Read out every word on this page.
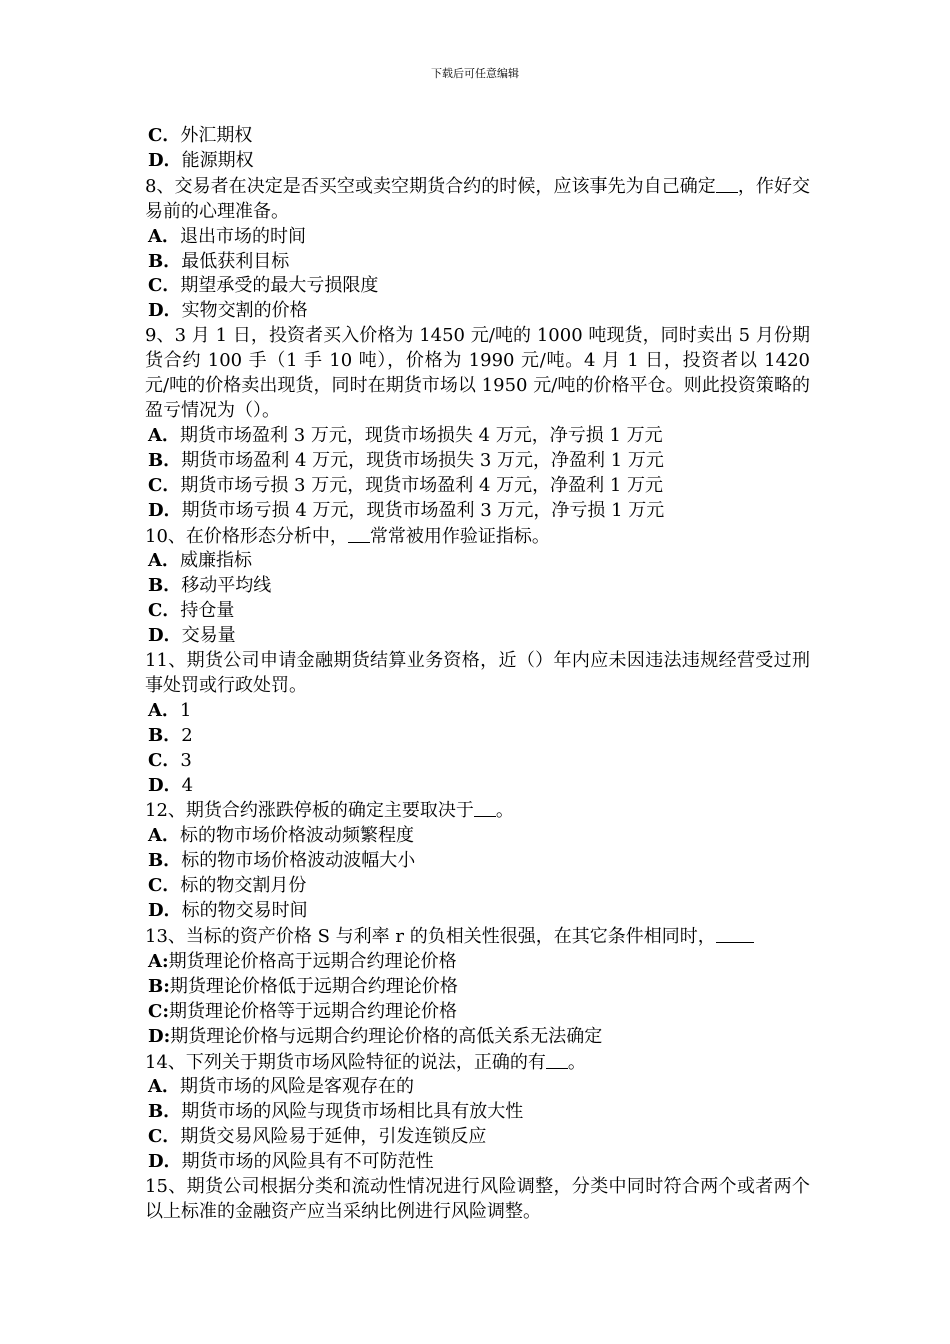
下载后可任意编辑
C．外汇期权
D．能源期权
8、交易者在决定是否买空或卖空期货合约的时候，应该事先为自己确定 ，作好交易前的心理准备。
A．退出市场的时间
B．最低获利目标
C．期望承受的最大亏损限度
D．实物交割的价格
9、3 月 1 日，投资者买入价格为 1450 元/吨的 1000 吨现货，同时卖出 5 月份期货合约 100 手（1 手 10 吨），价格为 1990 元/吨。4 月 1 日，投资者以 1420 元/吨的价格卖出现货，同时在期货市场以 1950 元/吨的价格平仓。则此投资策略的盈亏情况为（）。
A．期货市场盈利 3 万元，现货市场损失 4 万元，净亏损 1 万元
B．期货市场盈利 4 万元，现货市场损失 3 万元，净盈利 1 万元
C．期货市场亏损 3 万元，现货市场盈利 4 万元，净盈利 1 万元
D．期货市场亏损 4 万元，现货市场盈利 3 万元，净亏损 1 万元
10、在价格形态分析中， 常常被用作验证指标。
A．威廉指标
B．移动平均线
C．持仓量
D．交易量
11、期货公司申请金融期货结算业务资格，近（）年内应未因违法违规经营受过刑事处罚或行政处罚。
A．1
B．2
C．3
D．4
12、期货合约涨跌停板的确定主要取决于 。
A．标的物市场价格波动频繁程度
B．标的物市场价格波动波幅大小
C．标的物交割月份
D．标的物交易时间
13、当标的资产价格 S 与利率 r 的负相关性很强，在其它条件相同时，
A:期货理论价格高于远期合约理论价格
B:期货理论价格低于远期合约理论价格
C:期货理论价格等于远期合约理论价格
D:期货理论价格与远期合约理论价格的高低关系无法确定
14、下列关于期货市场风险特征的说法，正确的有 。
A．期货市场的风险是客观存在的
B．期货市场的风险与现货市场相比具有放大性
C．期货交易风险易于延伸，引发连锁反应
D．期货市场的风险具有不可防范性
15、期货公司根据分类和流动性情况进行风险调整，分类中同时符合两个或者两个以上标准的金融资产应当采纳比例进行风险调整。
